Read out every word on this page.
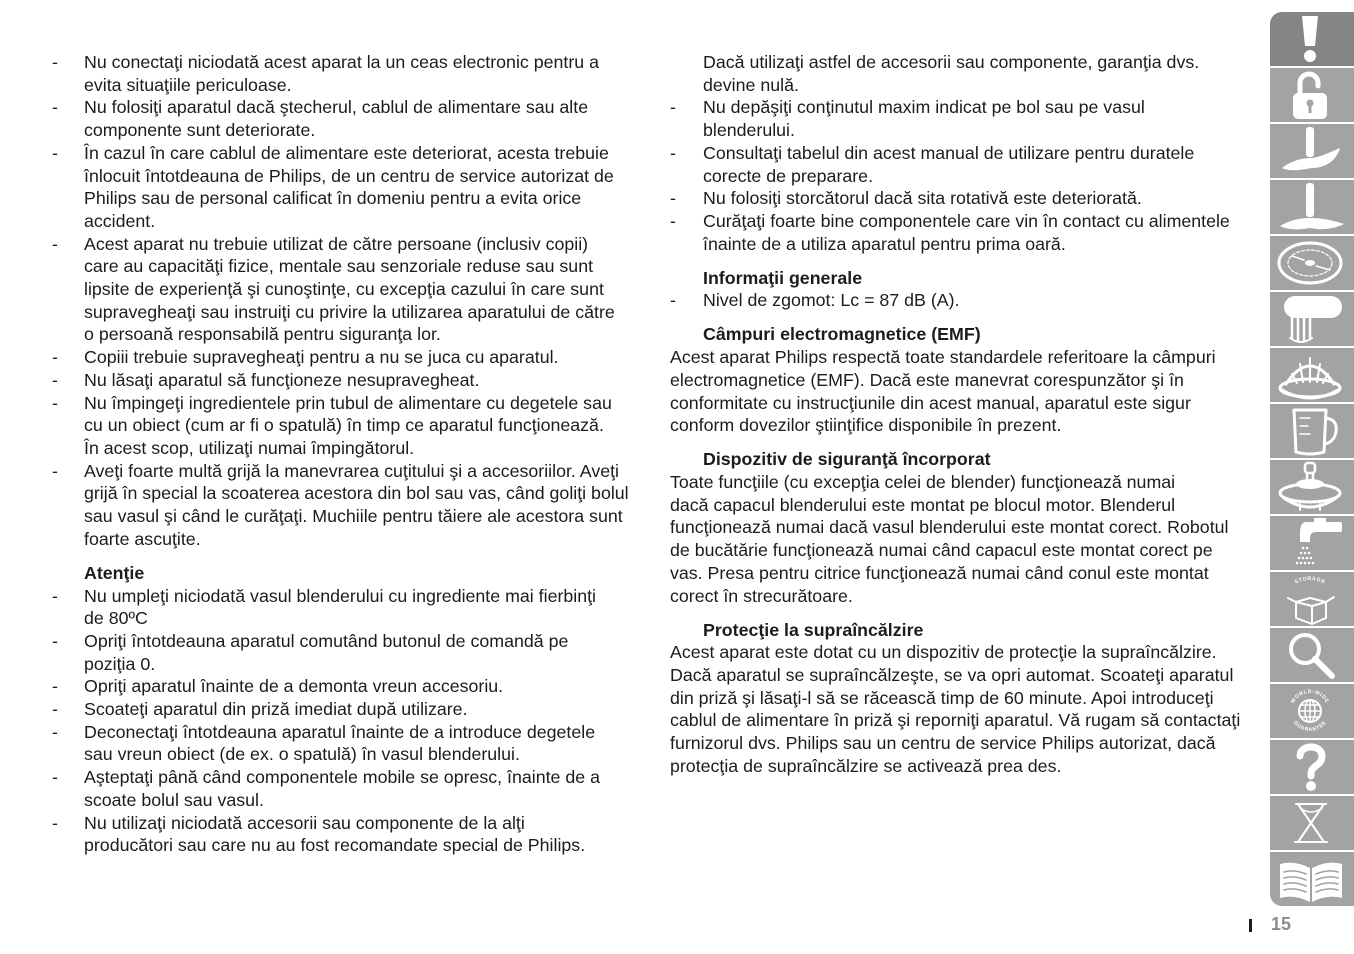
- Nu conectaţi niciodată acest aparat la un ceas electronic pentru a
evita situaţiile periculoase.
- Nu folosiţi aparatul dacă ştecherul, cablul de alimentare sau alte
componente sunt deteriorate.
- În cazul în care cablul de alimentare este deteriorat, acesta trebuie
înlocuit întotdeauna de Philips, de un centru de service autorizat de
Philips sau de personal calificat în domeniu pentru a evita orice
accident.
- Acest aparat nu trebuie utilizat de către persoane (inclusiv copii)
care au capacităţi fizice, mentale sau senzoriale reduse sau sunt
lipsite de experienţă şi cunoştinţe, cu excepţia cazului în care sunt
supravegheaţi sau instruiţi cu privire la utilizarea aparatului de către
o persoană responsabilă pentru siguranţa lor.
- Copiii trebuie supravegheaţi pentru a nu se juca cu aparatul.
- Nu lăsaţi aparatul să funcţioneze nesupravegheat.
- Nu împingeţi ingredientele prin tubul de alimentare cu degetele sau
cu un obiect (cum ar fi o spatulă) în timp ce aparatul funcţionează.
În acest scop, utilizaţi numai împingătorul.
- Aveţi foarte multă grijă la manevrarea cuţitului şi a accesoriilor. Aveţi
grijă în special la scoaterea acestora din bol sau vas, când goliţi bolul
sau vasul şi când le curăţaţi. Muchiile pentru tăiere ale acestora sunt
foarte ascuţite.
Atenţie
- Nu umpleţi niciodată vasul blenderului cu ingrediente mai fierbinţi
de 80ºC
- Opriţi întotdeauna aparatul comutând butonul de comandă pe
poziţia 0.
- Opriţi aparatul înainte de a demonta vreun accesoriu.
- Scoateţi aparatul din priză imediat după utilizare.
- Deconectaţi întotdeauna aparatul înainte de a introduce degetele
sau vreun obiect (de ex. o spatulă) în vasul blenderului.
- Aşteptaţi până când componentele mobile se opresc, înainte de a
scoate bolul sau vasul.
- Nu utilizaţi niciodată accesorii sau componente de la alţi
producători sau care nu au fost recomandate special de Philips.
Dacă utilizaţi astfel de accesorii sau componente, garanţia dvs.
devine nulă.
- Nu depăşiţi conţinutul maxim indicat pe bol sau pe vasul
blenderului.
- Consultaţi tabelul din acest manual de utilizare pentru duratele
corecte de preparare.
- Nu folosiţi storcătorul dacă sita rotativă este deteriorată.
- Curăţaţi foarte bine componentele care vin în contact cu alimentele
înainte de a utiliza aparatul pentru prima oară.
Informaţii generale
- Nivel de zgomot: Lc = 87 dB (A).
Câmpuri electromagnetice (EMF)
Acest aparat Philips respectă toate standardele referitoare la câmpuri
electromagnetice (EMF). Dacă este manevrat corespunzător şi în
conformitate cu instrucţiunile din acest manual, aparatul este sigur
conform dovezilor ştiinţifice disponibile în prezent.
Dispozitiv de siguranţă încorporat
Toate funcţiile (cu excepţia celei de blender) funcţionează numai
dacă capacul blenderului este montat pe blocul motor. Blenderul
funcţionează numai dacă vasul blenderului este montat corect. Robotul
de bucătărie funcţionează numai când capacul este montat corect pe
vas. Presa pentru citrice funcţionează numai când conul este montat
corect în strecurătoare.
Protecţie la supraîncălzire
Acest aparat este dotat cu un dispozitiv de protecţie la supraîncălzire.
Dacă aparatul se supraîncălzeşte, se va opri automat. Scoateţi aparatul
din priză şi lăsaţi-l să se răcească timp de 60 minute. Apoi introduceţi
cablul de alimentare în priză şi reporniţi aparatul. Vă rugam să contactaţi
furnizorul dvs. Philips sau un centru de service Philips autorizat, dacă
protecţia de supraîncălzire se activează prea des.
STORAGE
WORLD-WIDE
GUARANTEE
15
